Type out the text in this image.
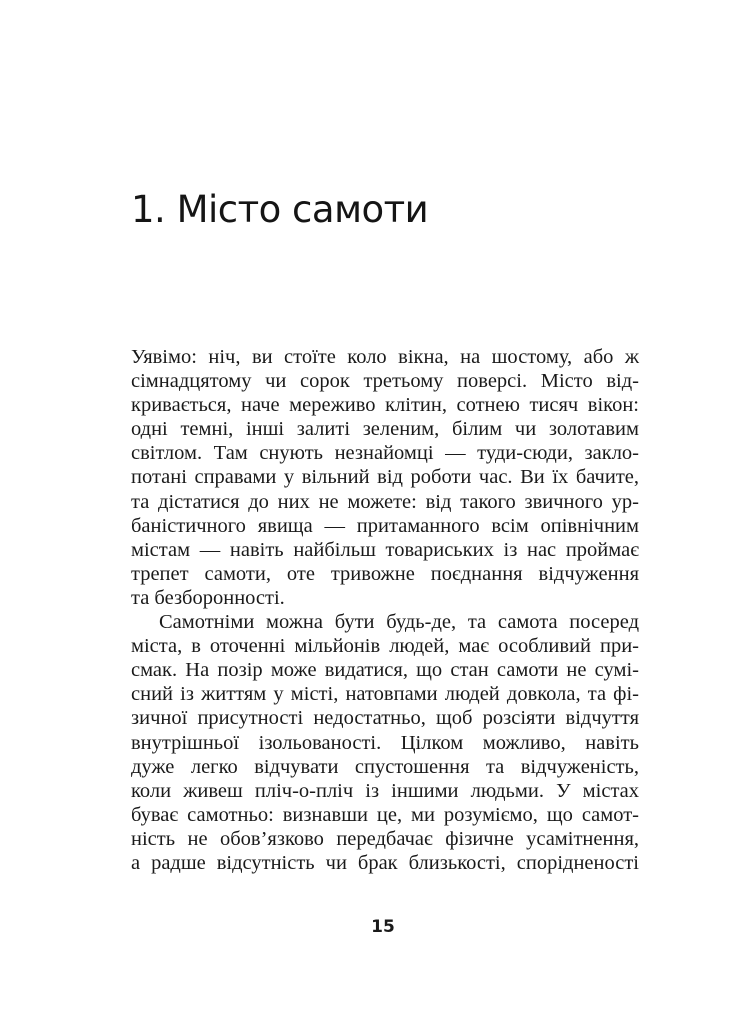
1. Місто самоти
Уявімо: ніч, ви стоїте коло вікна, на шостому, або ж
сімнадцятому чи сорок третьому поверсі. Місто від-
кривається, наче мереживо клітин, сотнею тисяч вікон:
одні темні, інші залиті зеленим, білим чи золотавим
світлом. Там снують незнайомці — туди-сюди, закло-
потані справами у вільний від роботи час. Ви їх бачите,
та дістатися до них не можете: від такого звичного ур-
баністичного явища — притаманного всім опівнічним
містам — навіть найбільш товариських із нас проймає
трепет самоти, оте тривожне поєднання відчуження
та безборонності.
Самотніми можна бути будь-де, та самота посеред
міста, в оточенні мільйонів людей, має особливий при-
смак. На позір може видатися, що стан самоти не сумі-
сний із життям у місті, натовпами людей довкола, та фі-
зичної присутності недостатньо, щоб розсіяти відчуття
внутрішньої ізольованості. Цілком можливо, навіть
дуже легко відчувати спустошення та відчуженість,
коли живеш пліч-о-пліч із іншими людьми. У містах
буває самотньо: визнавши це, ми розуміємо, що самот-
ність не обов’язково передбачає фізичне усамітнення,
а радше відсутність чи брак близькості, спорідненості
15
